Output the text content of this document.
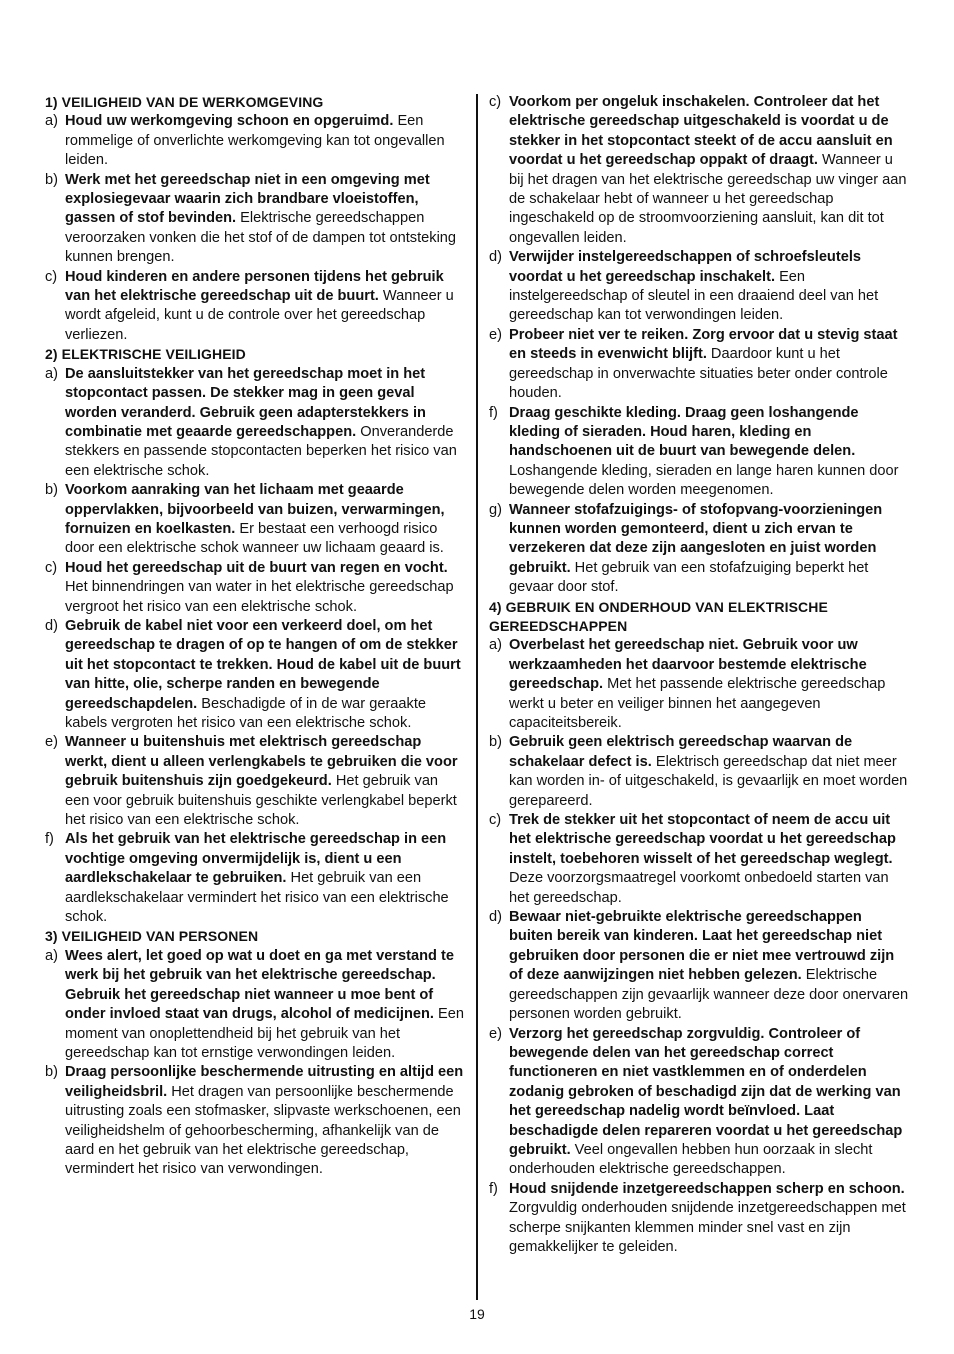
1) VEILIGHEID VAN DE WERKOMGEVING
a) Houd uw werkomgeving schoon en opgeruimd. Een rommelige of onverlichte werkomgeving kan tot ongevallen leiden.
b) Werk met het gereedschap niet in een omgeving met explosiegevaar waarin zich brandbare vloeistoffen, gassen of stof bevinden. Elektrische gereedschappen veroorzaken vonken die het stof of de dampen tot ontsteking kunnen brengen.
c) Houd kinderen en andere personen tijdens het gebruik van het elektrische gereedschap uit de buurt. Wanneer u wordt afgeleid, kunt u de controle over het gereedschap verliezen.
2) ELEKTRISCHE VEILIGHEID
a) De aansluitstekker van het gereedschap moet in het stopcontact passen. De stekker mag in geen geval worden veranderd. Gebruik geen adapterstekkers in combinatie met geaarde gereedschappen. Onveranderde stekkers en passende stopcontacten beperken het risico van een elektrische schok.
b) Voorkom aanraking van het lichaam met geaarde oppervlakken, bijvoorbeeld van buizen, verwarmingen, fornuizen en koelkasten. Er bestaat een verhoogd risico door een elektrische schok wanneer uw lichaam geaard is.
c) Houd het gereedschap uit de buurt van regen en vocht. Het binnendringen van water in het elektrische gereedschap vergroot het risico van een elektrische schok.
d) Gebruik de kabel niet voor een verkeerd doel, om het gereedschap te dragen of op te hangen of om de stekker uit het stopcontact te trekken. Houd de kabel uit de buurt van hitte, olie, scherpe randen en bewegende gereedschapdelen. Beschadigde of in de war geraakte kabels vergroten het risico van een elektrische schok.
e) Wanneer u buitenshuis met elektrisch gereedschap werkt, dient u alleen verlengkabels te gebruiken die voor gebruik buitenshuis zijn goedgekeurd. Het gebruik van een voor gebruik buitenshuis geschikte verlengkabel beperkt het risico van een elektrische schok.
f) Als het gebruik van het elektrische gereedschap in een vochtige omgeving onvermijdelijk is, dient u een aardlekschakelaar te gebruiken. Het gebruik van een aardlekschakelaar vermindert het risico van een elektrische schok.
3) VEILIGHEID VAN PERSONEN
a) Wees alert, let goed op wat u doet en ga met verstand te werk bij het gebruik van het elektrische gereedschap. Gebruik het gereedschap niet wanneer u moe bent of onder invloed staat van drugs, alcohol of medicijnen. Een moment van onoplettendheid bij het gebruik van het gereedschap kan tot ernstige verwondingen leiden.
b) Draag persoonlijke beschermende uitrusting en altijd een veiligheidsbril. Het dragen van persoonlijke beschermende uitrusting zoals een stofmasker, slipvaste werkschoenen, een veiligheidshelm of gehoorbescherming, afhankelijk van de aard en het gebruik van het elektrische gereedschap, vermindert het risico van verwondingen.
c) Voorkom per ongeluk inschakelen. Controleer dat het elektrische gereedschap uitgeschakeld is voordat u de stekker in het stopcontact steekt of de accu aansluit en voordat u het gereedschap oppakt of draagt. Wanneer u bij het dragen van het elektrische gereedschap uw vinger aan de schakelaar hebt of wanneer u het gereedschap ingeschakeld op de stroomvoorziening aansluit, kan dit tot ongevallen leiden.
d) Verwijder instelgereedschappen of schroefsleutels voordat u het gereedschap inschakelt. Een instelgereedschap of sleutel in een draaiend deel van het gereedschap kan tot verwondingen leiden.
e) Probeer niet ver te reiken. Zorg ervoor dat u stevig staat en steeds in evenwicht blijft. Daardoor kunt u het gereedschap in onverwachte situaties beter onder controle houden.
f) Draag geschikte kleding. Draag geen loshangende kleding of sieraden. Houd haren, kleding en handschoenen uit de buurt van bewegende delen. Loshangende kleding, sieraden en lange haren kunnen door bewegende delen worden meegenomen.
g) Wanneer stofafzuigings- of stofopvang-voorzieningen kunnen worden gemonteerd, dient u zich ervan te verzekeren dat deze zijn aangesloten en juist worden gebruikt. Het gebruik van een stofafzuiging beperkt het gevaar door stof.
4) GEBRUIK EN ONDERHOUD VAN ELEKTRISCHE GEREEDSCHAPPEN
a) Overbelast het gereedschap niet. Gebruik voor uw werkzaamheden het daarvoor bestemde elektrische gereedschap. Met het passende elektrische gereedschap werkt u beter en veiliger binnen het aangegeven capaciteitsbereik.
b) Gebruik geen elektrisch gereedschap waarvan de schakelaar defect is. Elektrisch gereedschap dat niet meer kan worden in- of uitgeschakeld, is gevaarlijk en moet worden gerepareerd.
c) Trek de stekker uit het stopcontact of neem de accu uit het elektrische gereedschap voordat u het gereedschap instelt, toebehoren wisselt of het gereedschap weglegt. Deze voorzorgsmaatregel voorkomt onbedoeld starten van het gereedschap.
d) Bewaar niet-gebruikte elektrische gereedschappen buiten bereik van kinderen. Laat het gereedschap niet gebruiken door personen die er niet mee vertrouwd zijn of deze aanwijzingen niet hebben gelezen. Elektrische gereedschappen zijn gevaarlijk wanneer deze door onervaren personen worden gebruikt.
e) Verzorg het gereedschap zorgvuldig. Controleer of bewegende delen van het gereedschap correct functioneren en niet vastklemmen en of onderdelen zodanig gebroken of beschadigd zijn dat de werking van het gereedschap nadelig wordt beïnvloed. Laat beschadigde delen repareren voordat u het gereedschap gebruikt. Veel ongevallen hebben hun oorzaak in slecht onderhouden elektrische gereedschappen.
f) Houd snijdende inzetgereedschappen scherp en schoon. Zorgvuldig onderhouden snijdende inzetgereedschappen met scherpe snijkanten klemmen minder snel vast en zijn gemakkelijker te geleiden.
19
